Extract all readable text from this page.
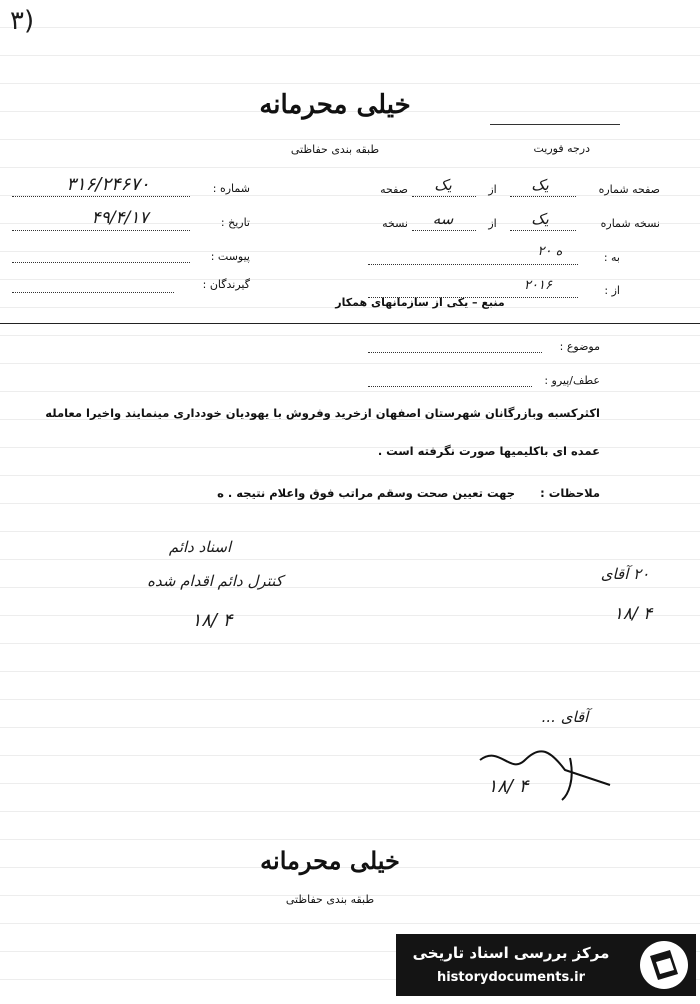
۳)
خیلی محرمانه
طبقه بندی حفاظتی	درجه فوریت
شماره :
۳۱۶/۲۴۶۷۰
تاریخ :
۴۹/۴/۱۷
پیوست :
گیرندگان :
صفحه شماره
یک
از
یک
صفحه
نسخه شماره
یک
از
سه
نسخه
به :
۲۰ ه
از :
۲۰۱۶
منبع – یکی از سازمانهای همکار
موضوع :
عطف/پیرو :
اکثرکسبه وبازرگانان شهرستان اصفهان ازخرید وفروش با یهودیان خودداری مینمایند واخیرا معامله
عمده ای باکلیمیها صورت نگرفته است .
ملاحظات :
جهت تعیین صحت وسقم مراتب فوق واعلام نتیجه . ه
اسناد دائم
کنترل دائم اقدام شده
۱۸/ ۴
۲۰ آقای
۱۸/ ۴
آقای ...
۱۸/ ۴
خیلی محرمانه
طبقه بندی حفاظتی
مرکز بررسی اسناد تاریخی
historydocuments.ir
